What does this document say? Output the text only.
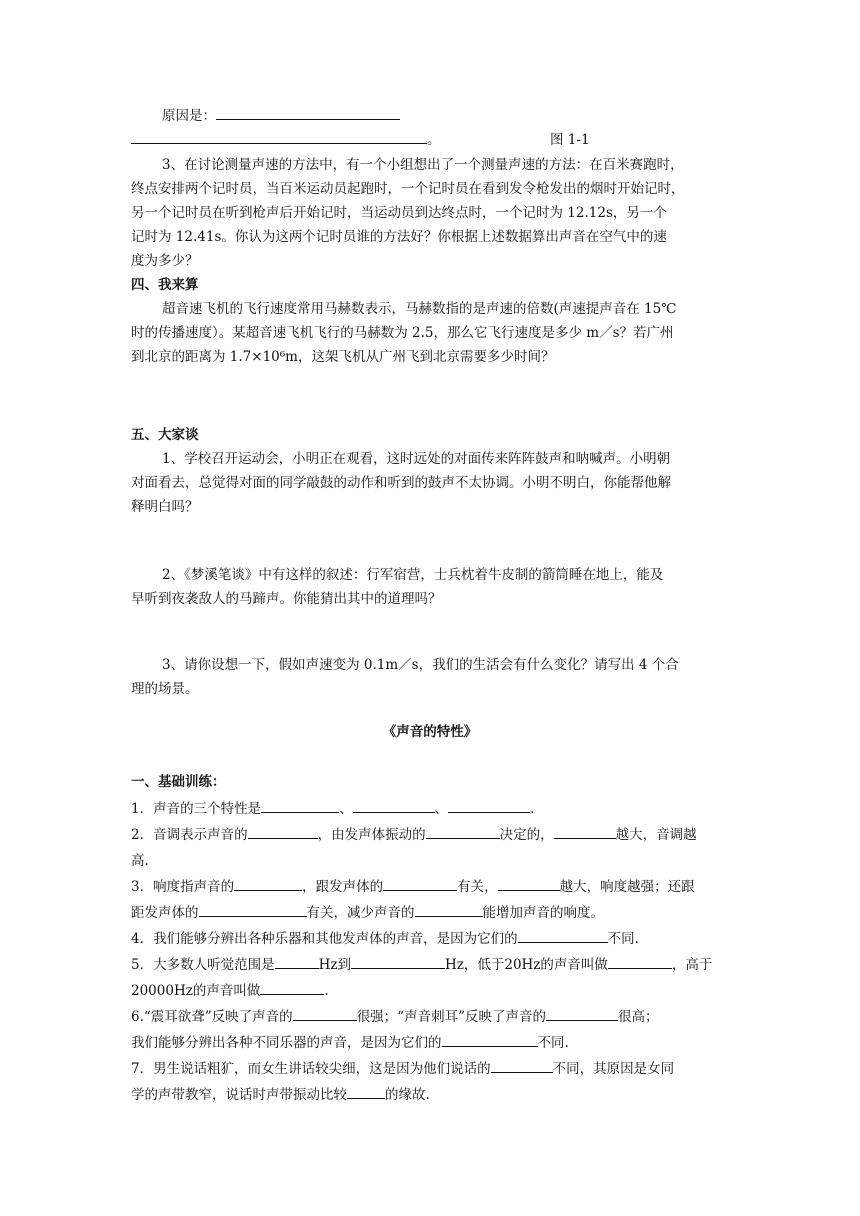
原因是：
。	图 1-1
3、在讨论测量声速的方法中，有一个小组想出了一个测量声速的方法：在百米赛跑时，
终点安排两个记时员，当百米运动员起跑时，一个记时员在看到发令枪发出的烟时开始记时，
另一个记时员在听到枪声后开始记时，当运动员到达终点时，一个记时为 12.12s，另一个
记时为 12.41s。你认为这两个记时员谁的方法好？你根据上述数据算出声音在空气中的速
度为多少？
四、我来算
超音速飞机的飞行速度常用马赫数表示，马赫数指的是声速的倍数(声速提声音在 15℃
时的传播速度）。某超音速飞机飞行的马赫数为 2.5，那么它飞行速度是多少 m／s？若广州
到北京的距离为 1.7×10⁶m，这架飞机从广州飞到北京需要多少时间？
五、大家谈
1、学校召开运动会，小明正在观看，这时远处的对面传来阵阵鼓声和呐喊声。小明朝
对面看去，总觉得对面的同学敲鼓的动作和听到的鼓声不太协调。小明不明白，你能帮他解
释明白吗？
2、《梦溪笔谈》中有这样的叙述：行军宿营，士兵枕着牛皮制的箭筒睡在地上，能及
早听到夜袭敌人的马蹄声。你能猜出其中的道理吗？
3、请你设想一下，假如声速变为 0.1m／s，我们的生活会有什么变化？请写出 4 个合
理的场景。
《声音的特性》
一、基础训练：
1．声音的三个特性是	、	、	.
2．音调表示声音的	，由发声体振动的	决定的，	越大，音调越
高.
3．响度指声音的	，跟发声体的	有关，	越大，响度越强；还跟
距发声体的	有关，减少声音的	能增加声音的响度。
4．我们能够分辨出各种乐器和其他发声体的声音，是因为它们的	不同.
5．大多数人听觉范围是	Hz到	Hz，低于20Hz的声音叫做	，高于
20000Hz的声音叫做	.
6.“震耳欲聋”反映了声音的	很强；“声音刺耳”反映了声音的	很高；
我们能够分辨出各种不同乐器的声音，是因为它们的	不同.
7．男生说话粗犷，而女生讲话较尖细，这是因为他们说话的	不同，其原因是女同
学的声带教窄，说话时声带振动比较	的缘故.
